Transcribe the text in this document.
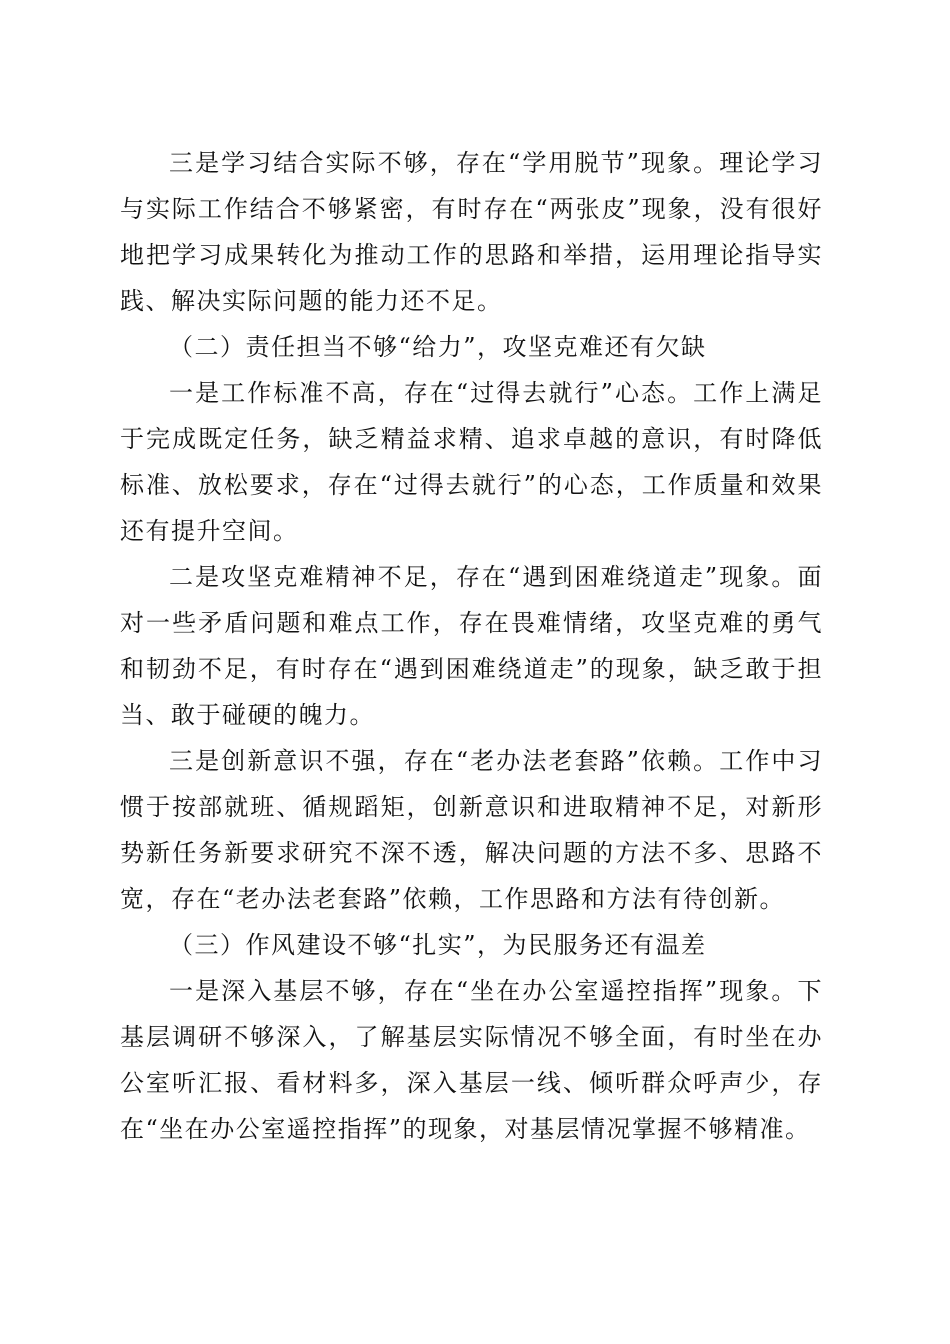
三是学习结合实际不够，存在“学用脱节”现象。理论学习与实际工作结合不够紧密，有时存在“两张皮”现象，没有很好地把学习成果转化为推动工作的思路和举措，运用理论指导实践、解决实际问题的能力还不足。

（二）责任担当不够“给力”，攻坚克难还有欠缺

一是工作标准不高，存在“过得去就行”心态。工作上满足于完成既定任务，缺乏精益求精、追求卓越的意识，有时降低标准、放松要求，存在“过得去就行”的心态，工作质量和效果还有提升空间。

二是攻坚克难精神不足，存在“遇到困难绕道走”现象。面对一些矛盾问题和难点工作，存在畏难情绪，攻坚克难的勇气和韧劲不足，有时存在“遇到困难绕道走”的现象，缺乏敢于担当、敢于碰硬的魄力。

三是创新意识不强，存在“老办法老套路”依赖。工作中习惯于按部就班、循规蹈矩，创新意识和进取精神不足，对新形势新任务新要求研究不深不透，解决问题的方法不多、思路不宽，存在“老办法老套路”依赖，工作思路和方法有待创新。

（三）作风建设不够“扎实”，为民服务还有温差

一是深入基层不够，存在“坐在办公室遥控指挥”现象。下基层调研不够深入，了解基层实际情况不够全面，有时坐在办公室听汇报、看材料多，深入基层一线、倾听群众呼声少，存在“坐在办公室遥控指挥”的现象，对基层情况掌握不够精准。
